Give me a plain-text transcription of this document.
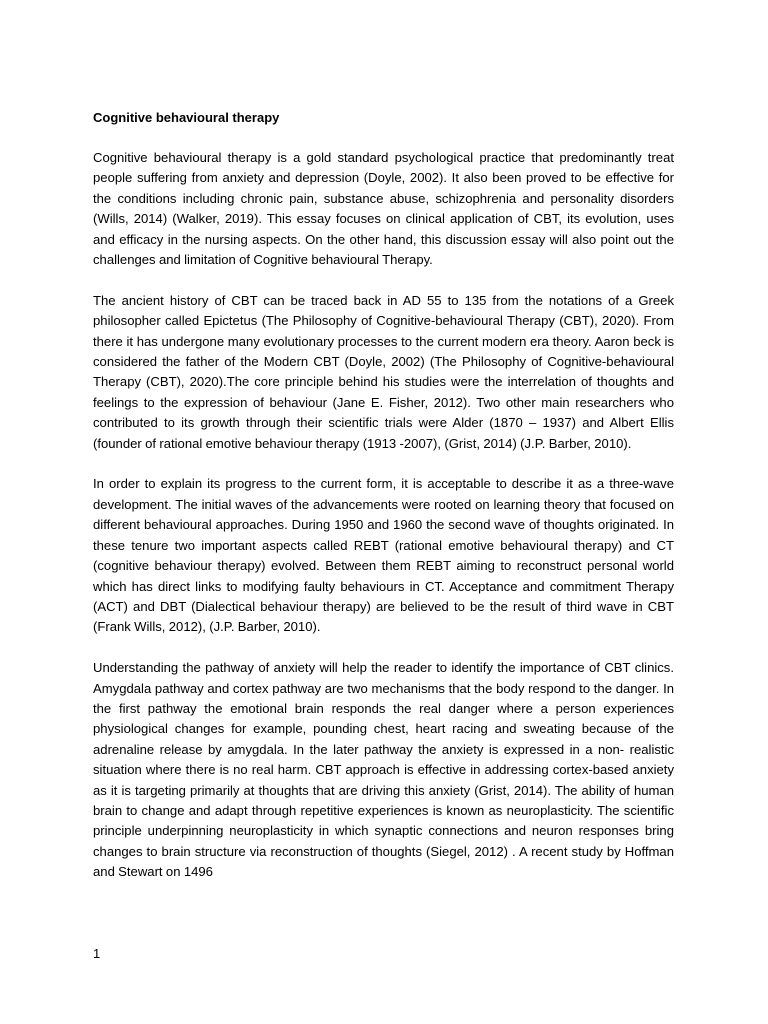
Cognitive behavioural therapy

Cognitive behavioural therapy is a gold standard psychological practice that predominantly treat people suffering from anxiety and depression (Doyle, 2002). It also been proved to be effective for the conditions including chronic pain, substance abuse, schizophrenia and personality disorders (Wills, 2014) (Walker, 2019). This essay focuses on clinical application of CBT, its evolution, uses and efficacy in the nursing aspects. On the other hand, this discussion essay will also point out the challenges and limitation of Cognitive behavioural Therapy.

The ancient history of CBT can be traced back in AD 55 to 135 from the notations of a Greek philosopher called Epictetus (The Philosophy of Cognitive-behavioural Therapy (CBT), 2020). From there it has undergone many evolutionary processes to the current modern era theory. Aaron beck is considered the father of the Modern CBT (Doyle, 2002) (The Philosophy of Cognitive-behavioural Therapy (CBT), 2020).The core principle behind his studies were the interrelation of thoughts and feelings to the expression of behaviour (Jane E. Fisher, 2012). Two other main researchers who contributed to its growth through their scientific trials were Alder (1870 – 1937) and Albert Ellis (founder of rational emotive behaviour therapy (1913 -2007), (Grist, 2014) (J.P. Barber, 2010).

In order to explain its progress to the current form, it is acceptable to describe it as a three-wave development. The initial waves of the advancements were rooted on learning theory that focused on different behavioural approaches. During 1950 and 1960 the second wave of thoughts originated. In these tenure two important aspects called REBT (rational emotive behavioural therapy) and CT (cognitive behaviour therapy) evolved. Between them REBT aiming to reconstruct personal world which has direct links to modifying faulty behaviours in CT. Acceptance and commitment Therapy (ACT) and DBT (Dialectical behaviour therapy) are believed to be the result of third wave in CBT (Frank Wills, 2012), (J.P. Barber, 2010).

Understanding the pathway of anxiety will help the reader to identify the importance of CBT clinics. Amygdala pathway and cortex pathway are two mechanisms that the body respond to the danger. In the first pathway the emotional brain responds the real danger where a person experiences physiological changes for example, pounding chest, heart racing and sweating because of the adrenaline release by amygdala. In the later pathway the anxiety is expressed in a non- realistic situation where there is no real harm. CBT approach is effective in addressing cortex-based anxiety as it is targeting primarily at thoughts that are driving this anxiety (Grist, 2014). The ability of human brain to change and adapt through repetitive experiences is known as neuroplasticity. The scientific principle underpinning neuroplasticity in which synaptic connections and neuron responses bring changes to brain structure via reconstruction of thoughts (Siegel, 2012) . A recent study by Hoffman and Stewart on 1496

1
